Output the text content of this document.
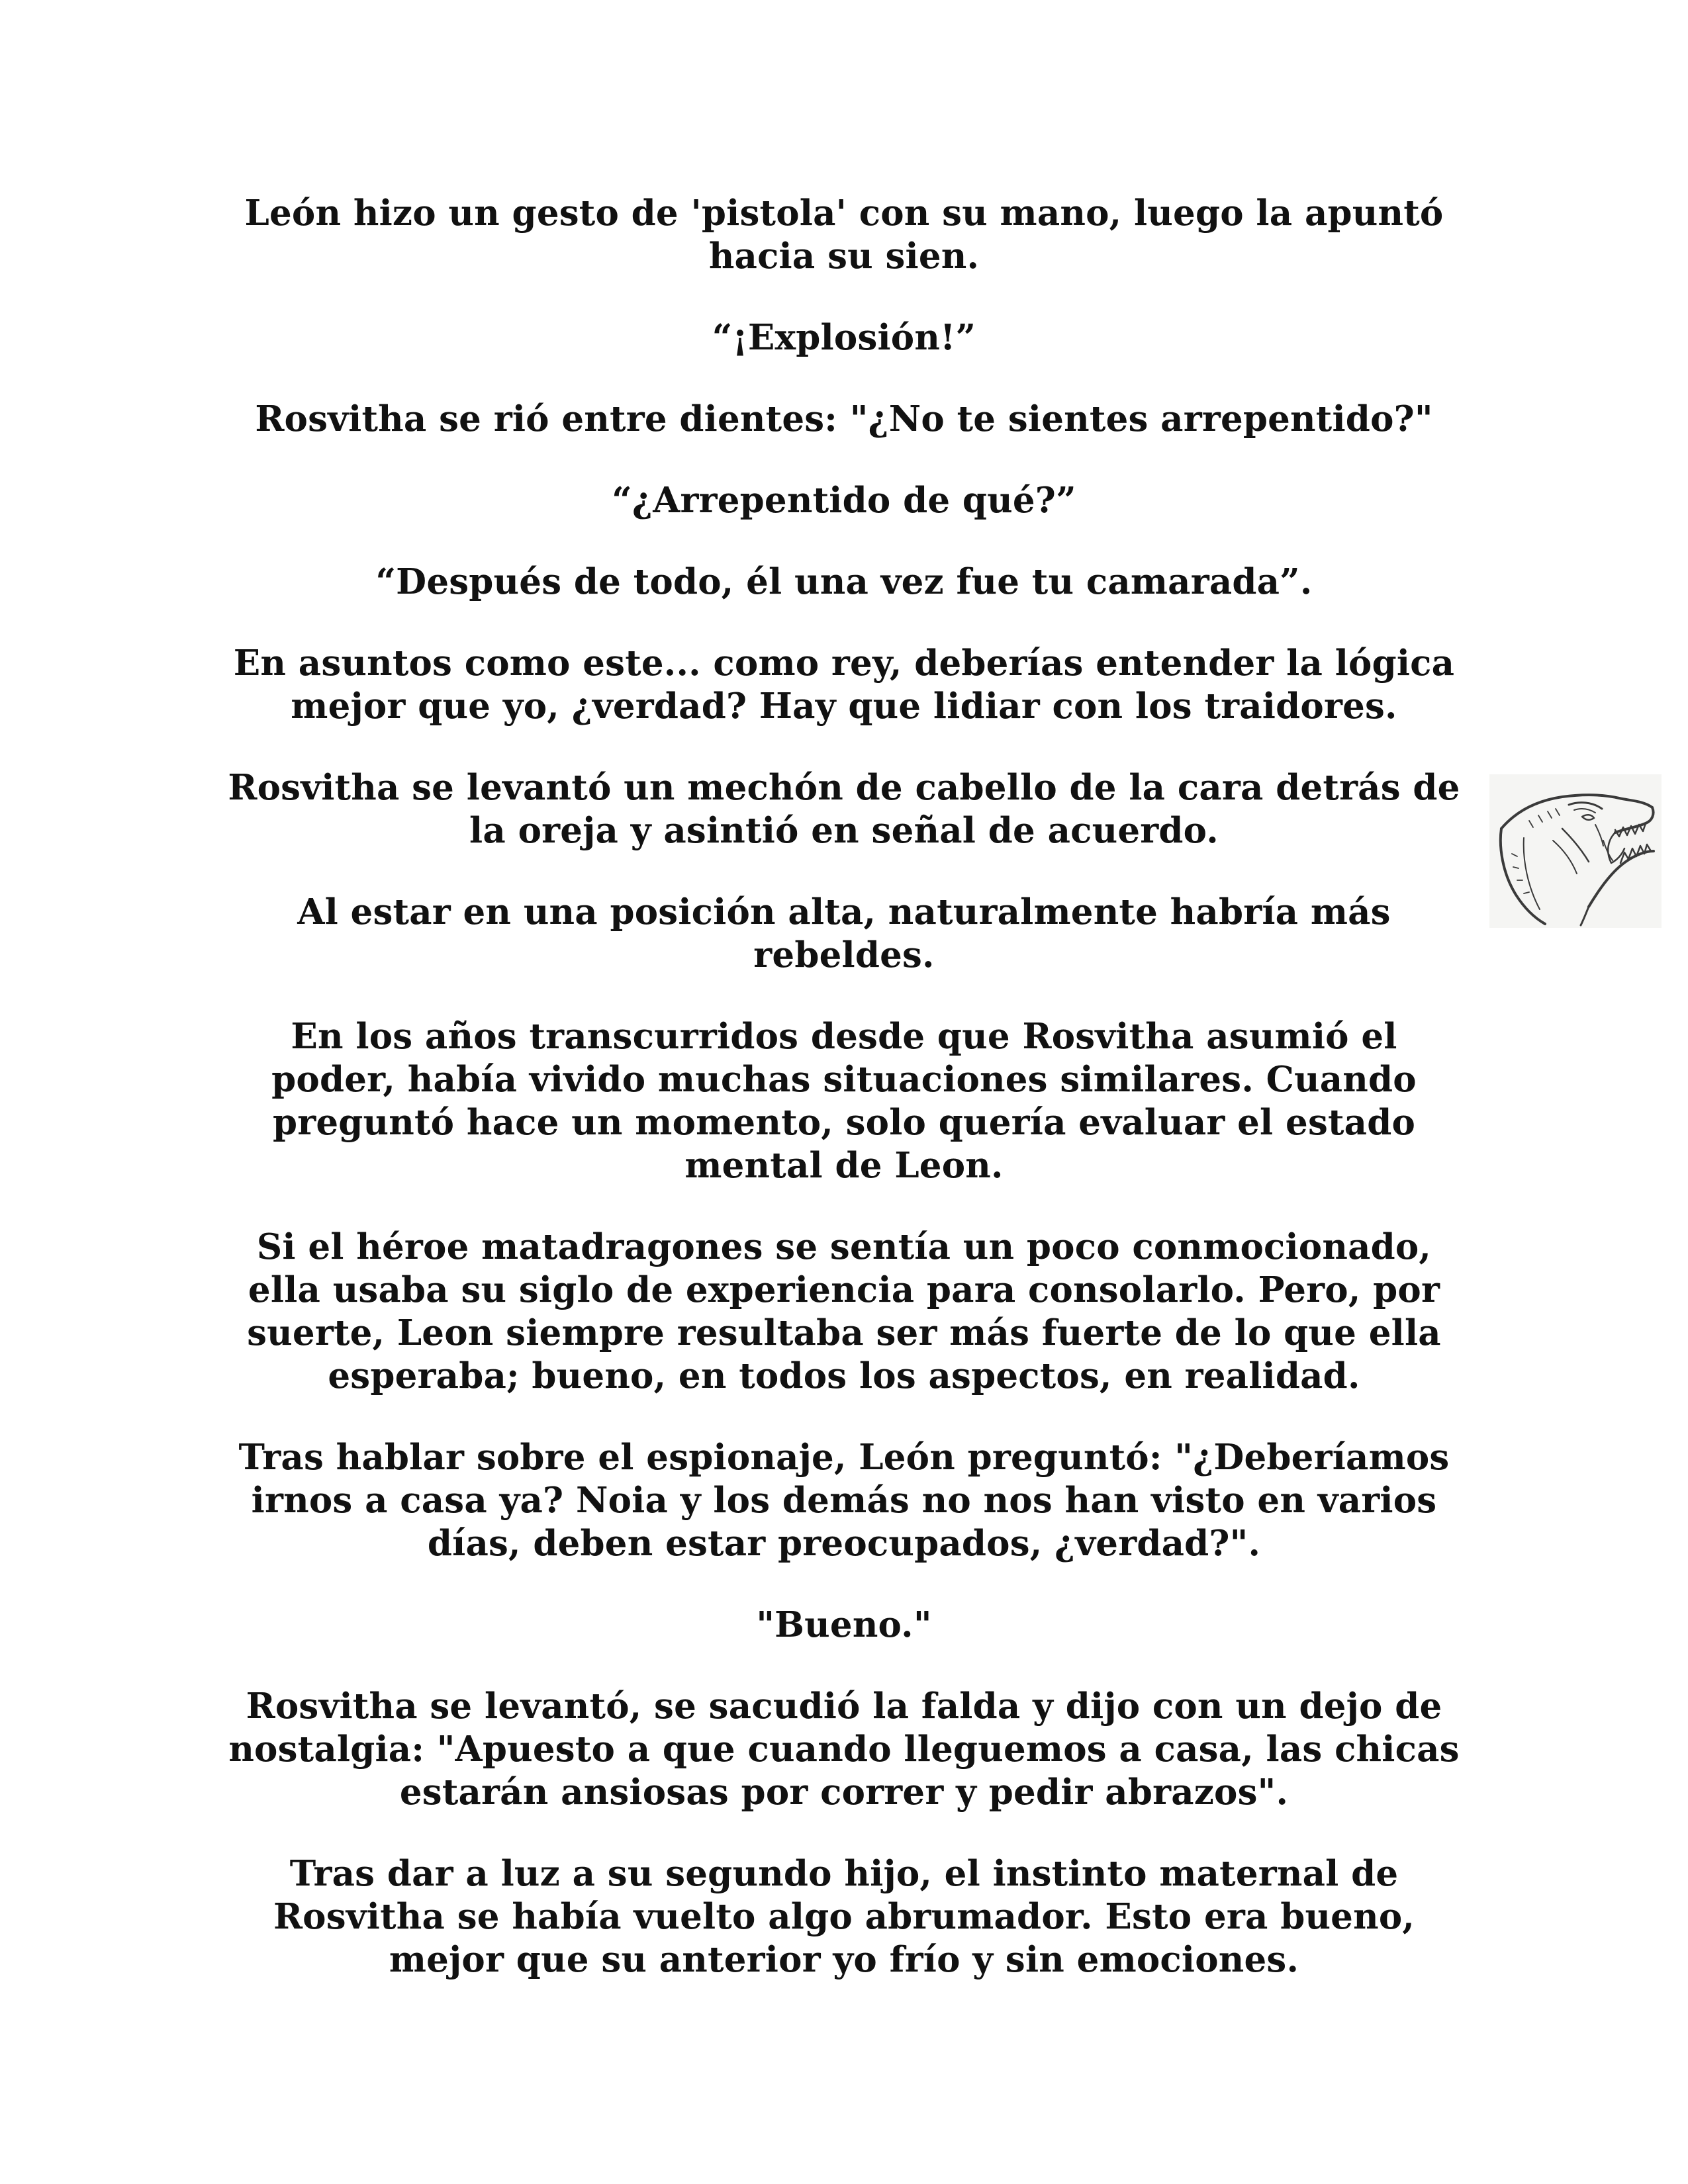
León hizo un gesto de 'pistola' con su mano, luego la apuntó hacia su sien.

“¡Explosión!”

Rosvitha se rió entre dientes: "¿No te sientes arrepentido?"

“¿Arrepentido de qué?”

“Después de todo, él una vez fue tu camarada”.

En asuntos como este... como rey, deberías entender la lógica mejor que yo, ¿verdad? Hay que lidiar con los traidores.

Rosvitha se levantó un mechón de cabello de la cara detrás de la oreja y asintió en señal de acuerdo.

Al estar en una posición alta, naturalmente habría más rebeldes.

En los años transcurridos desde que Rosvitha asumió el poder, había vivido muchas situaciones similares. Cuando preguntó hace un momento, solo quería evaluar el estado mental de Leon.

Si el héroe matadragones se sentía un poco conmocionado, ella usaba su siglo de experiencia para consolarlo. Pero, por suerte, Leon siempre resultaba ser más fuerte de lo que ella esperaba; bueno, en todos los aspectos, en realidad.

Tras hablar sobre el espionaje, León preguntó: "¿Deberíamos irnos a casa ya? Noia y los demás no nos han visto en varios días, deben estar preocupados, ¿verdad?".

"Bueno."

Rosvitha se levantó, se sacudió la falda y dijo con un dejo de nostalgia: "Apuesto a que cuando lleguemos a casa, las chicas estarán ansiosas por correr y pedir abrazos".

Tras dar a luz a su segundo hijo, el instinto maternal de Rosvitha se había vuelto algo abrumador. Esto era bueno, mejor que su anterior yo frío y sin emociones.
